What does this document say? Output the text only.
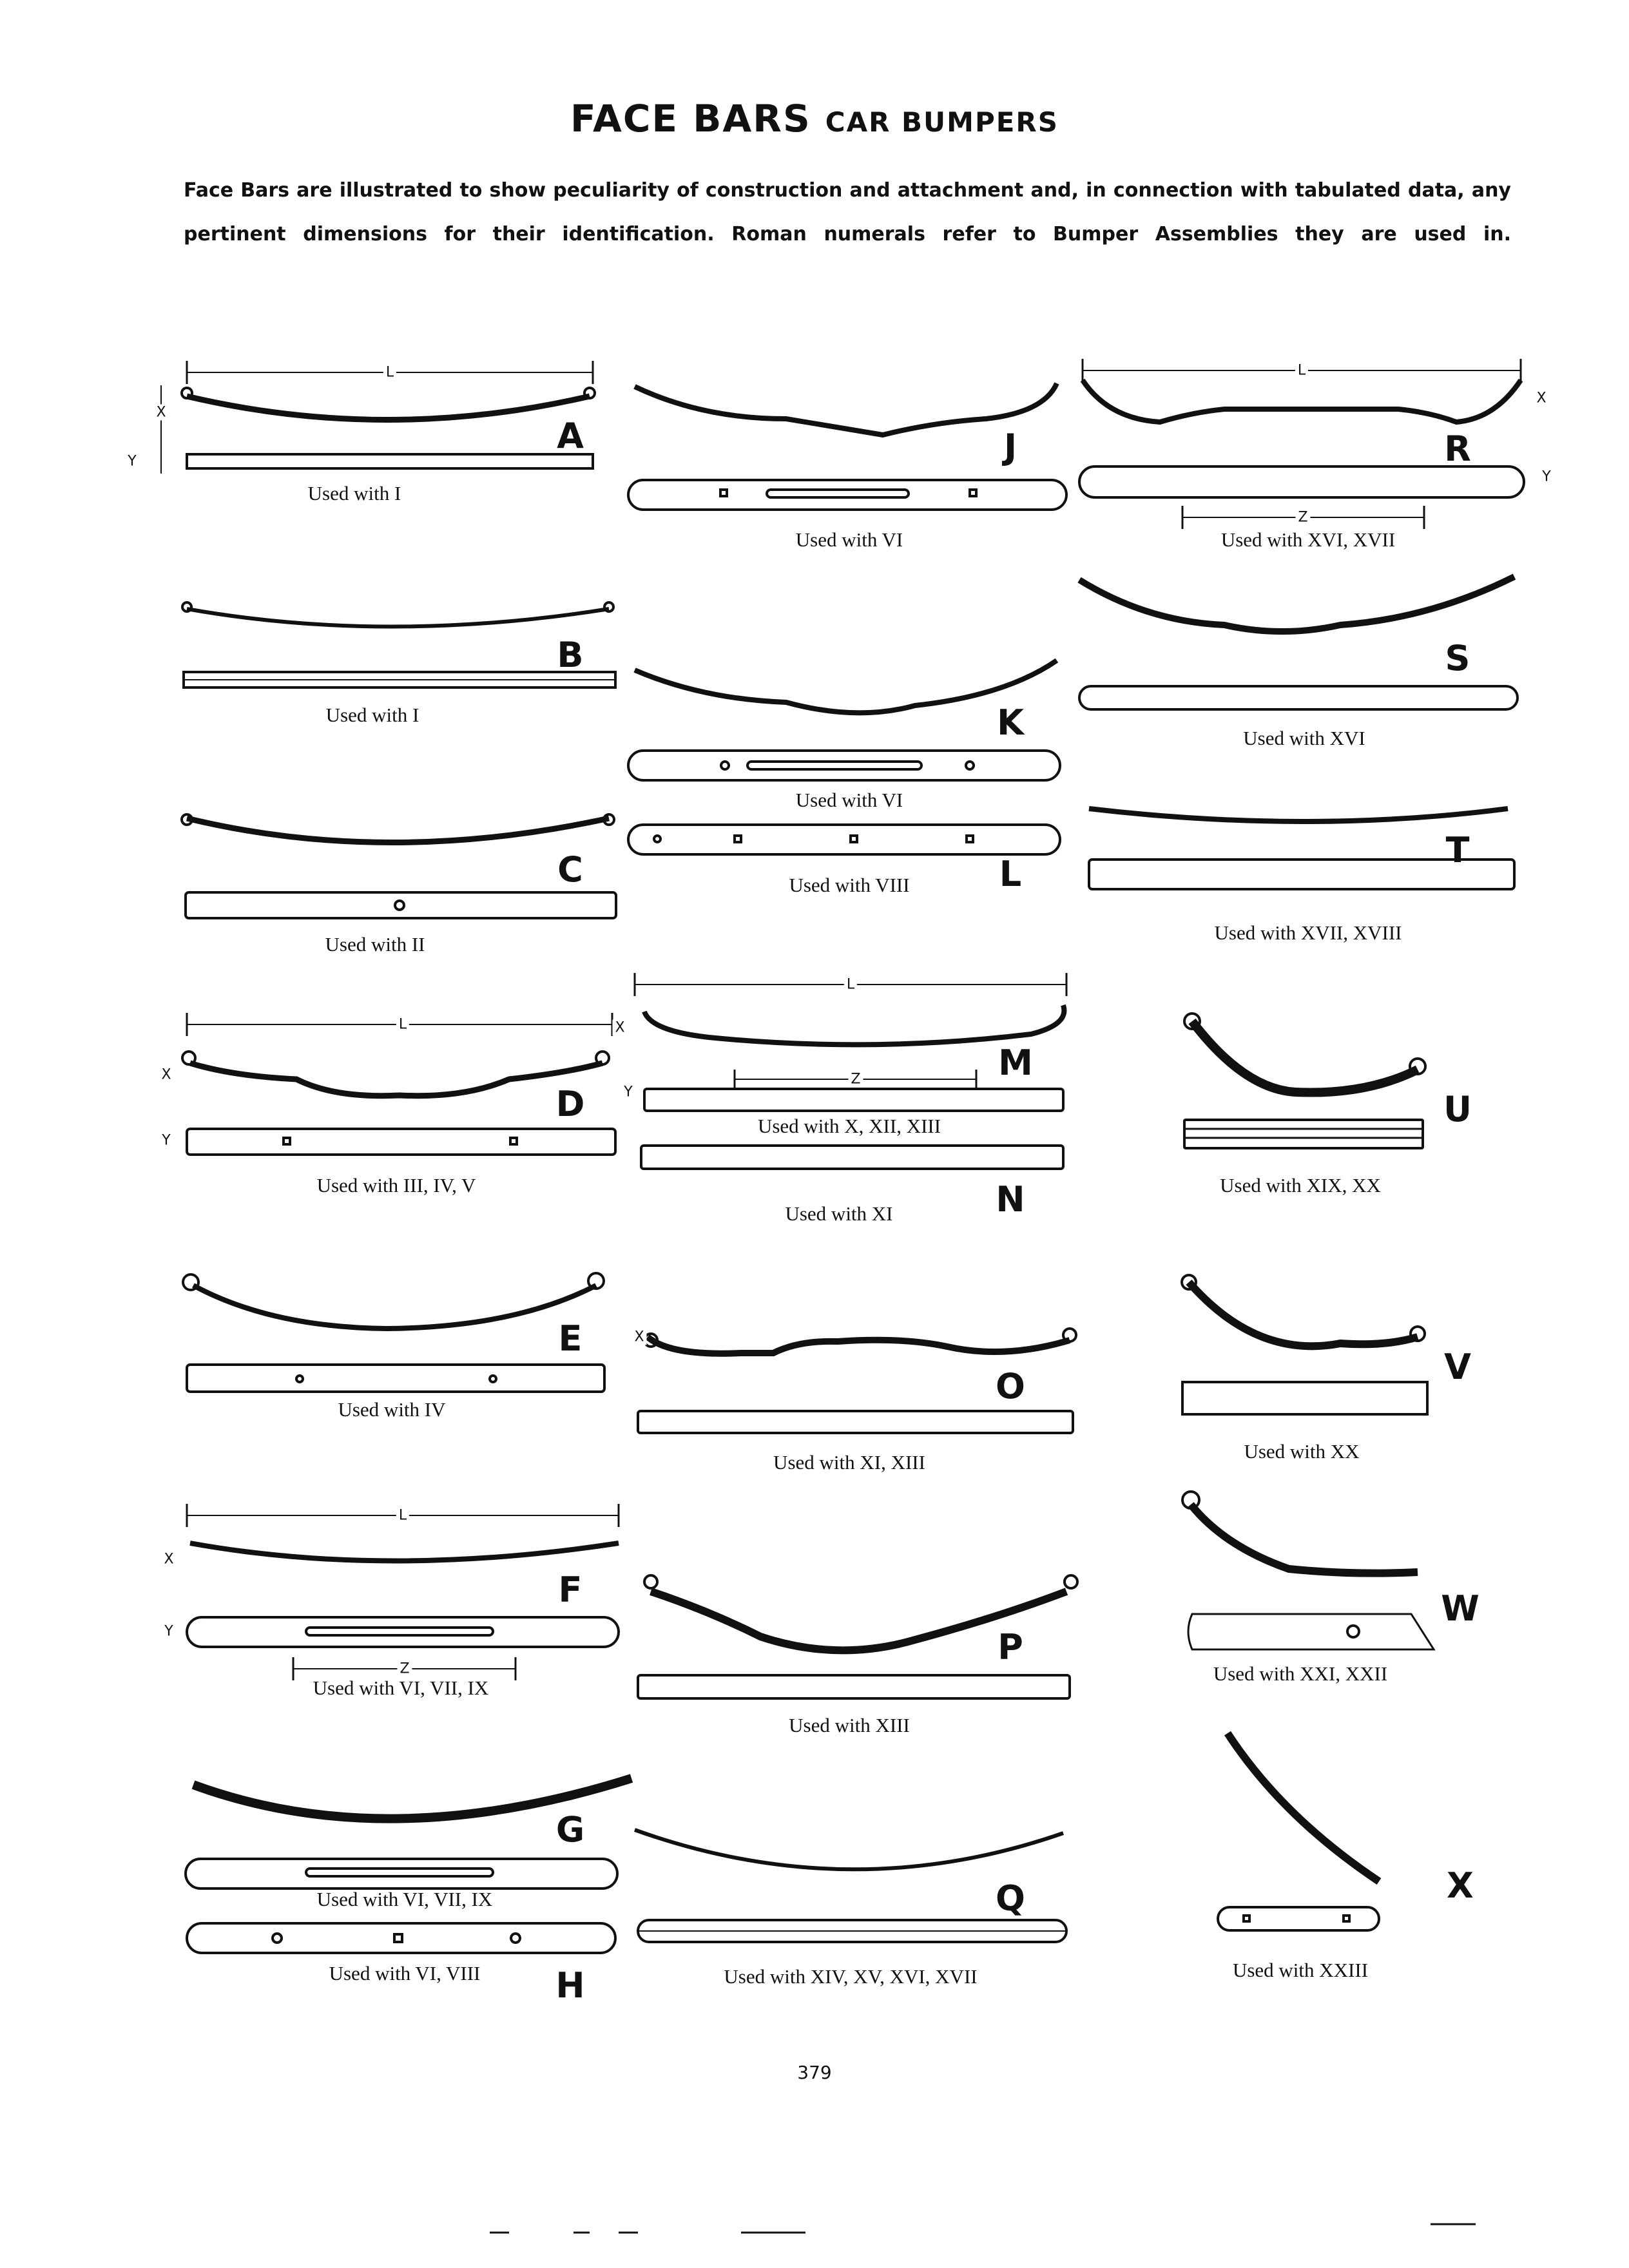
FACE BARS CAR BUMPERS
Face Bars are illustrated to show peculiarity of construction and attachment and, in connection with tabulated data, any pertinent dimensions for their identification. Roman numerals refer to Bumper Assemblies they are used in.
L
X
Y
L
X
Y
L
X
Y
Z
L
X
Y
Z
X
L
X
Y
Z
A
B
C
D
E
F
G
H
J
K
L
M
N
O
P
Q
R
S
T
U
V
W
X
Used with I
Used with I
Used with II
Used with III, IV, V
Used with IV
Used with VI, VII, IX
Used with VI, VII, IX
Used with VI, VIII
Used with VI
Used with VI
Used with VIII
Used with X, XII, XIII
Used with XI
Used with XI, XIII
Used with XIII
Used with XIV, XV, XVI, XVII
Used with XVI, XVII
Used with XVI
Used with XVII, XVIII
Used with XIX, XX
Used with XX
Used with XXI, XXII
Used with XXIII
379
